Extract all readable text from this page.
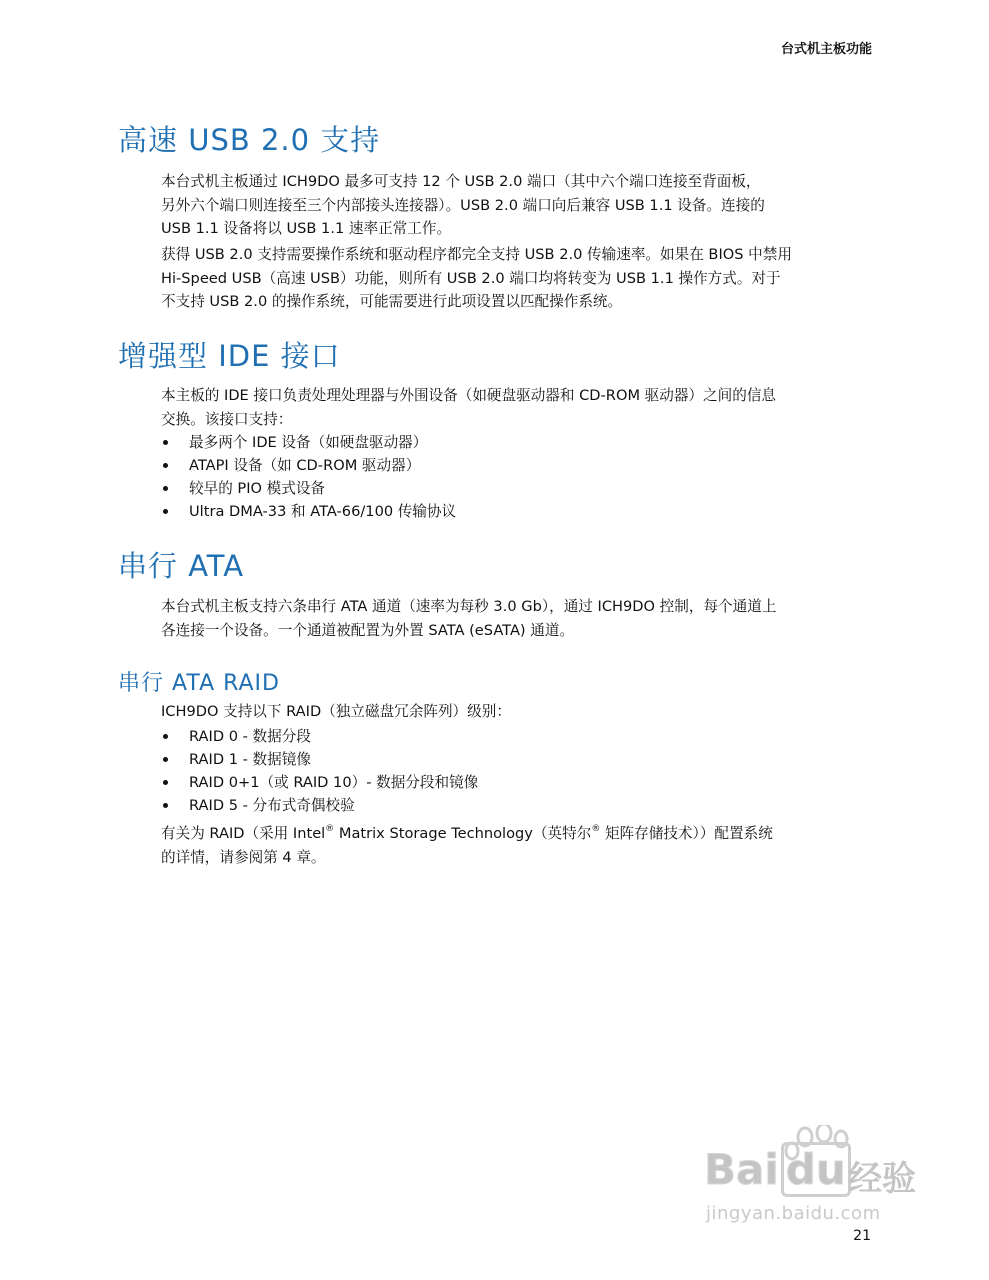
台式机主板功能
高速 USB 2.0 支持
本台式机主板通过 ICH9DO 最多可支持 12 个 USB 2.0 端口（其中六个端口连接至背面板，
另外六个端口则连接至三个内部接头连接器）。USB 2.0 端口向后兼容 USB 1.1 设备。连接的
USB 1.1 设备将以 USB 1.1 速率正常工作。
获得 USB 2.0 支持需要操作系统和驱动程序都完全支持 USB 2.0 传输速率。如果在 BIOS 中禁用
Hi-Speed USB（高速 USB）功能，则所有 USB 2.0 端口均将转变为 USB 1.1 操作方式。对于
不支持 USB 2.0 的操作系统，可能需要进行此项设置以匹配操作系统。
增强型 IDE 接口
本主板的 IDE 接口负责处理处理器与外围设备（如硬盘驱动器和 CD-ROM 驱动器）之间的信息
交换。该接口支持：
最多两个 IDE 设备（如硬盘驱动器）
ATAPI 设备（如 CD-ROM 驱动器）
较早的 PIO 模式设备
Ultra DMA-33 和 ATA-66/100 传输协议
串行 ATA
本台式机主板支持六条串行 ATA 通道（速率为每秒 3.0 Gb），通过 ICH9DO 控制，每个通道上
各连接一个设备。一个通道被配置为外置 SATA (eSATA) 通道。
串行 ATA RAID
ICH9DO 支持以下 RAID（独立磁盘冗余阵列）级别：
RAID 0 - 数据分段
RAID 1 - 数据镜像
RAID 0+1（或 RAID 10）- 数据分段和镜像
RAID 5 - 分布式奇偶校验
有关为 RAID（采用 Intel® Matrix Storage Technology（英特尔® 矩阵存储技术））配置系统
的详情，请参阅第 4 章。
Bai du 经验
jingyan.baidu.com
21
